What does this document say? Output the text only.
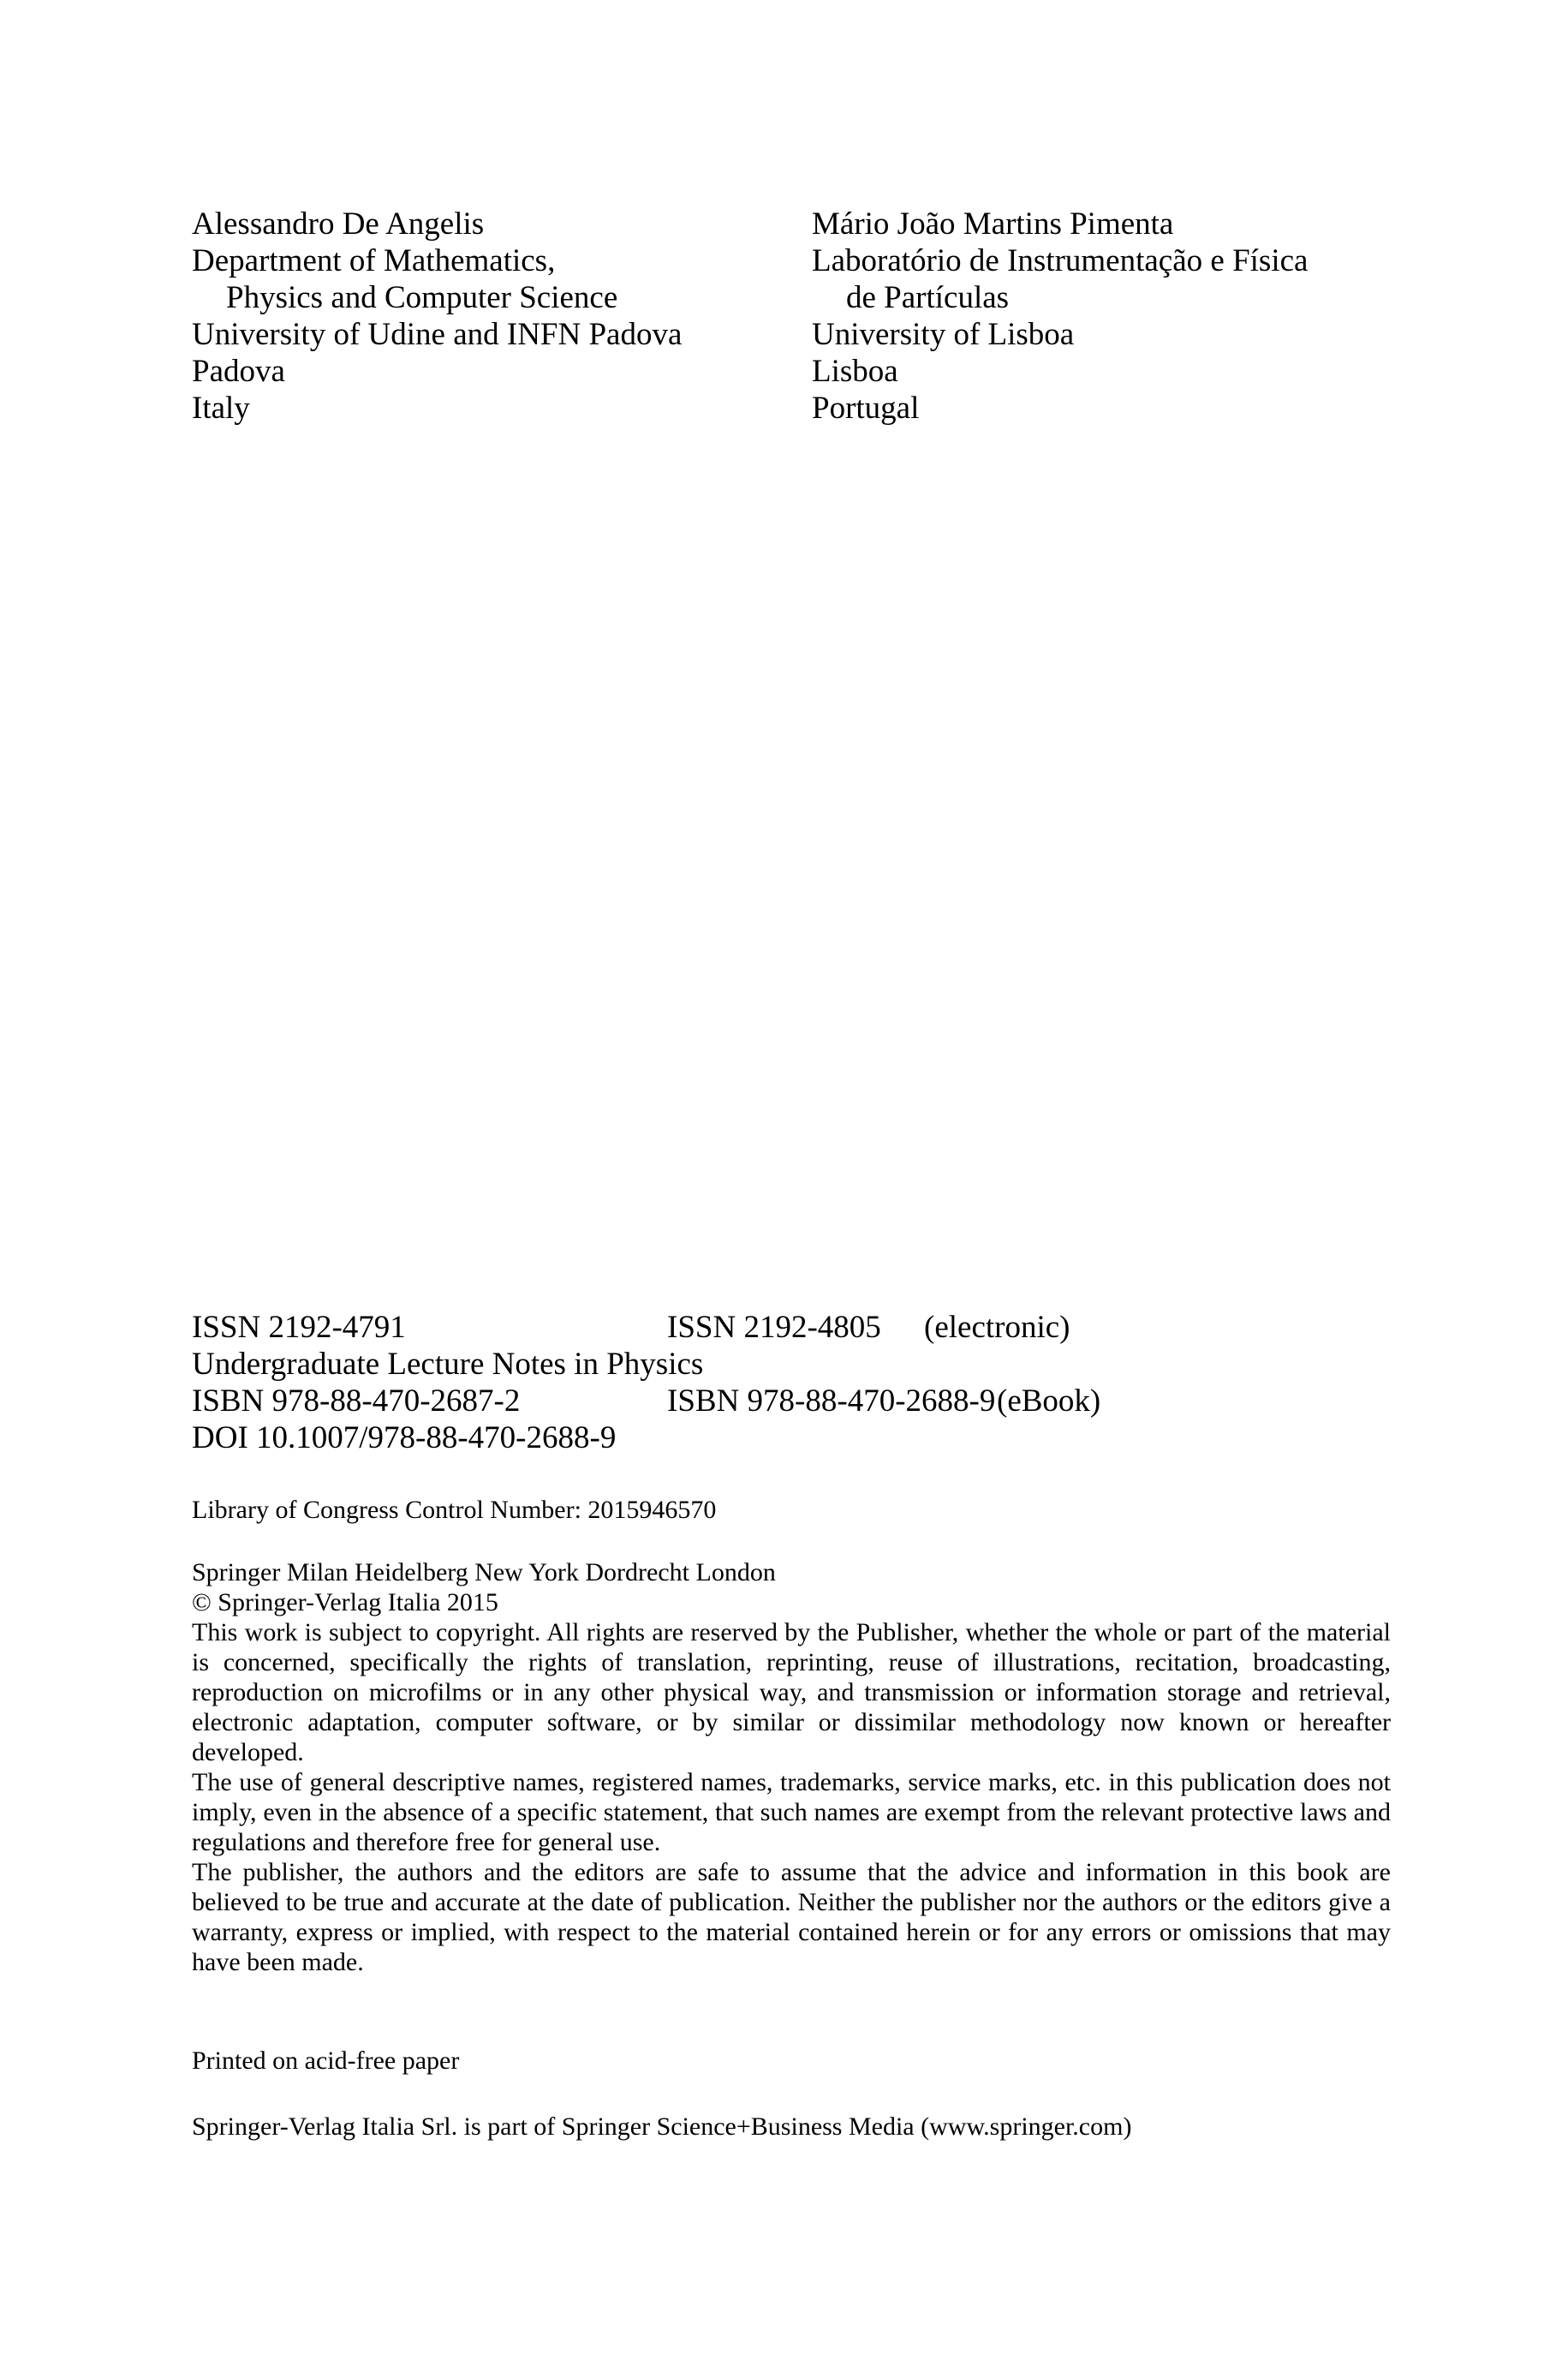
Alessandro De Angelis
Department of Mathematics,
Physics and Computer Science
University of Udine and INFN Padova
Padova
Italy
Mário João Martins Pimenta
Laboratório de Instrumentação e Física
de Partículas
University of Lisboa
Lisboa
Portugal
ISSN 2192-4791	ISSN 2192-4805 (electronic)
Undergraduate Lecture Notes in Physics
ISBN 978-88-470-2687-2	ISBN 978-88-470-2688-9 (eBook)
DOI 10.1007/978-88-470-2688-9

Library of Congress Control Number: 2015946570

Springer Milan Heidelberg New York Dordrecht London

© Springer-Verlag Italia 2015

This work is subject to copyright. All rights are reserved by the Publisher, whether the whole or part of the material is concerned, specifically the rights of translation, reprinting, reuse of illustrations, recitation, broadcasting, reproduction on microfilms or in any other physical way, and transmission or information storage and retrieval, electronic adaptation, computer software, or by similar or dissimilar methodology now known or hereafter developed.

The use of general descriptive names, registered names, trademarks, service marks, etc. in this publication does not imply, even in the absence of a specific statement, that such names are exempt from the relevant protective laws and regulations and therefore free for general use.

The publisher, the authors and the editors are safe to assume that the advice and information in this book are believed to be true and accurate at the date of publication. Neither the publisher nor the authors or the editors give a warranty, express or implied, with respect to the material contained herein or for any errors or omissions that may have been made.

Printed on acid-free paper

Springer-Verlag Italia Srl. is part of Springer Science+Business Media (www.springer.com)
